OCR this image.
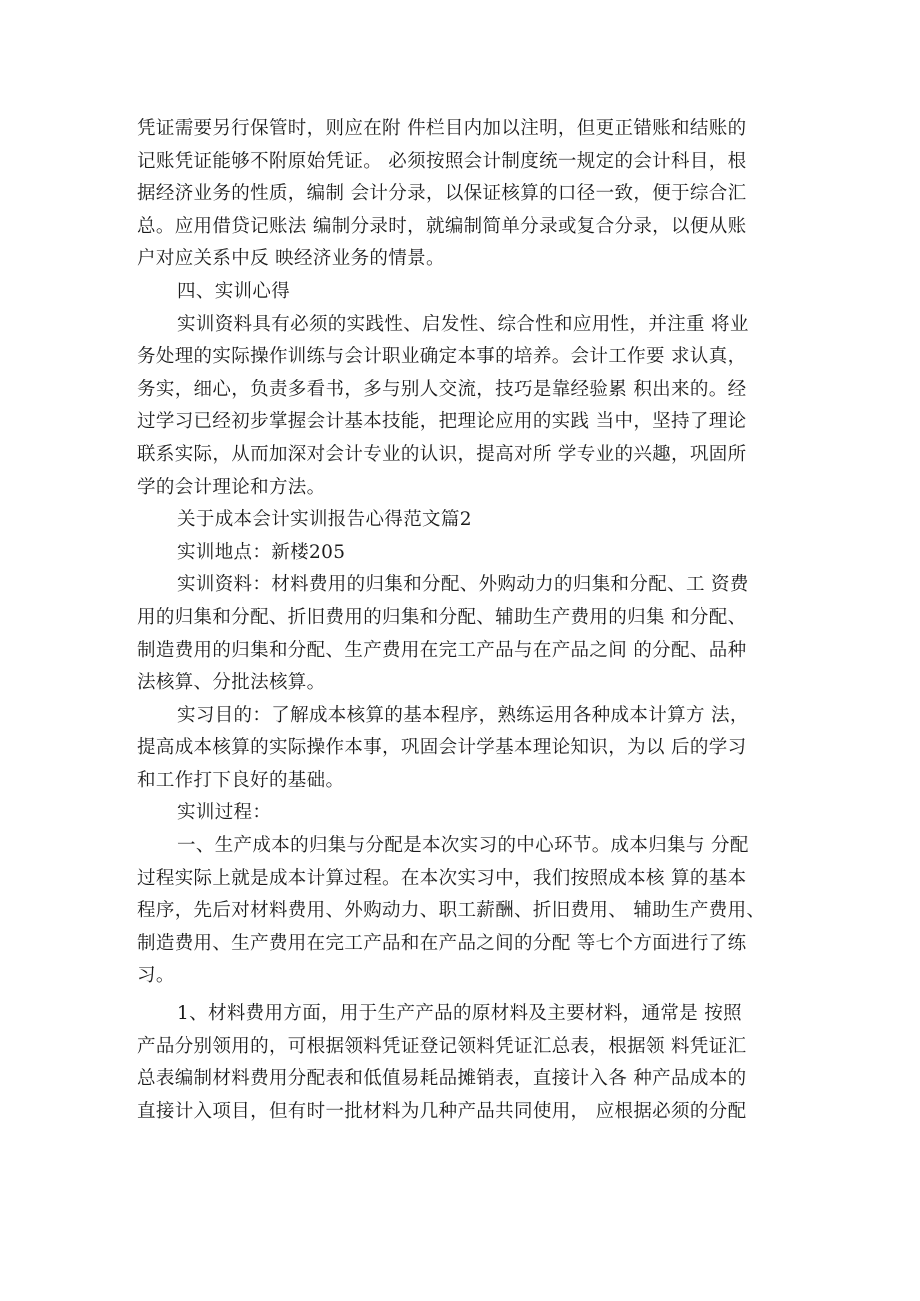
凭证需要另行保管时，则应在附 件栏目内加以注明，但更正错账和结账的
记账凭证能够不附原始凭证。 必须按照会计制度统一规定的会计科目，根
据经济业务的性质，编制 会计分录，以保证核算的口径一致，便于综合汇
总。应用借贷记账法 编制分录时，就编制简单分录或复合分录，以便从账
户对应关系中反 映经济业务的情景。
四、实训心得
实训资料具有必须的实践性、启发性、综合性和应用性，并注重 将业
务处理的实际操作训练与会计职业确定本事的培养。会计工作要 求认真，
务实，细心，负责多看书，多与别人交流，技巧是靠经验累 积出来的。经
过学习已经初步掌握会计基本技能，把理论应用的实践 当中，坚持了理论
联系实际，从而加深对会计专业的认识，提高对所 学专业的兴趣，巩固所
学的会计理论和方法。
关于成本会计实训报告心得范文篇2
实训地点：新楼205
实训资料：材料费用的归集和分配、外购动力的归集和分配、工 资费
用的归集和分配、折旧费用的归集和分配、辅助生产费用的归集 和分配、
制造费用的归集和分配、生产费用在完工产品与在产品之间 的分配、品种
法核算、分批法核算。
实习目的：了解成本核算的基本程序，熟练运用各种成本计算方 法，
提高成本核算的实际操作本事，巩固会计学基本理论知识，为以 后的学习
和工作打下良好的基础。
实训过程：
一、生产成本的归集与分配是本次实习的中心环节。成本归集与 分配
过程实际上就是成本计算过程。在本次实习中，我们按照成本核 算的基本
程序，先后对材料费用、外购动力、职工薪酬、折旧费用、 辅助生产费用、
制造费用、生产费用在完工产品和在产品之间的分配 等七个方面进行了练
习。
1、材料费用方面，用于生产产品的原材料及主要材料，通常是 按照
产品分别领用的，可根据领料凭证登记领料凭证汇总表，根据领 料凭证汇
总表编制材料费用分配表和低值易耗品摊销表，直接计入各 种产品成本的
直接计入项目，但有时一批材料为几种产品共同使用， 应根据必须的分配
